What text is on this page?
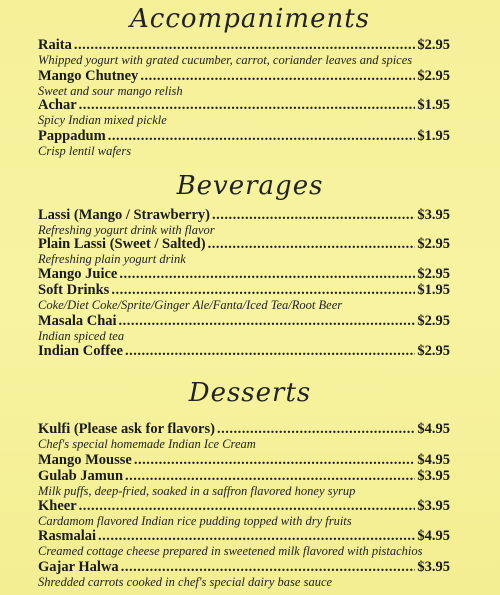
Accompaniments
Raita .....	$2.95
Whipped yogurt with grated cucumber, carrot, coriander leaves and spices
Mango Chutney .....	$2.95
Sweet and sour mango relish
Achar .....	$1.95
Spicy Indian mixed pickle
Pappadum .....	$1.95
Crisp lentil wafers
Beverages
Lassi (Mango / Strawberry) .....	$3.95
Refreshing yogurt drink with flavor
Plain Lassi (Sweet / Salted) .....	$2.95
Refreshing plain yogurt drink
Mango Juice .....	$2.95
Soft Drinks .....	$1.95
Coke/Diet Coke/Sprite/Ginger Ale/Fanta/Iced Tea/Root Beer
Masala Chai .....	$2.95
Indian spiced tea
Indian Coffee .....	$2.95
Desserts
Kulfi (Please ask for flavors) .....	$4.95
Chef's special homemade Indian Ice Cream
Mango Mousse .....	$4.95
Gulab Jamun .....	$3.95
Milk puffs, deep-fried, soaked in a saffron flavored honey syrup
Kheer .....	$3.95
Cardamom flavored Indian rice pudding topped with dry fruits
Rasmalai .....	$4.95
Creamed cottage cheese prepared in sweetened milk flavored with pistachios
Gajar Halwa .....	$3.95
Shredded carrots cooked in chef's special dairy base sauce
